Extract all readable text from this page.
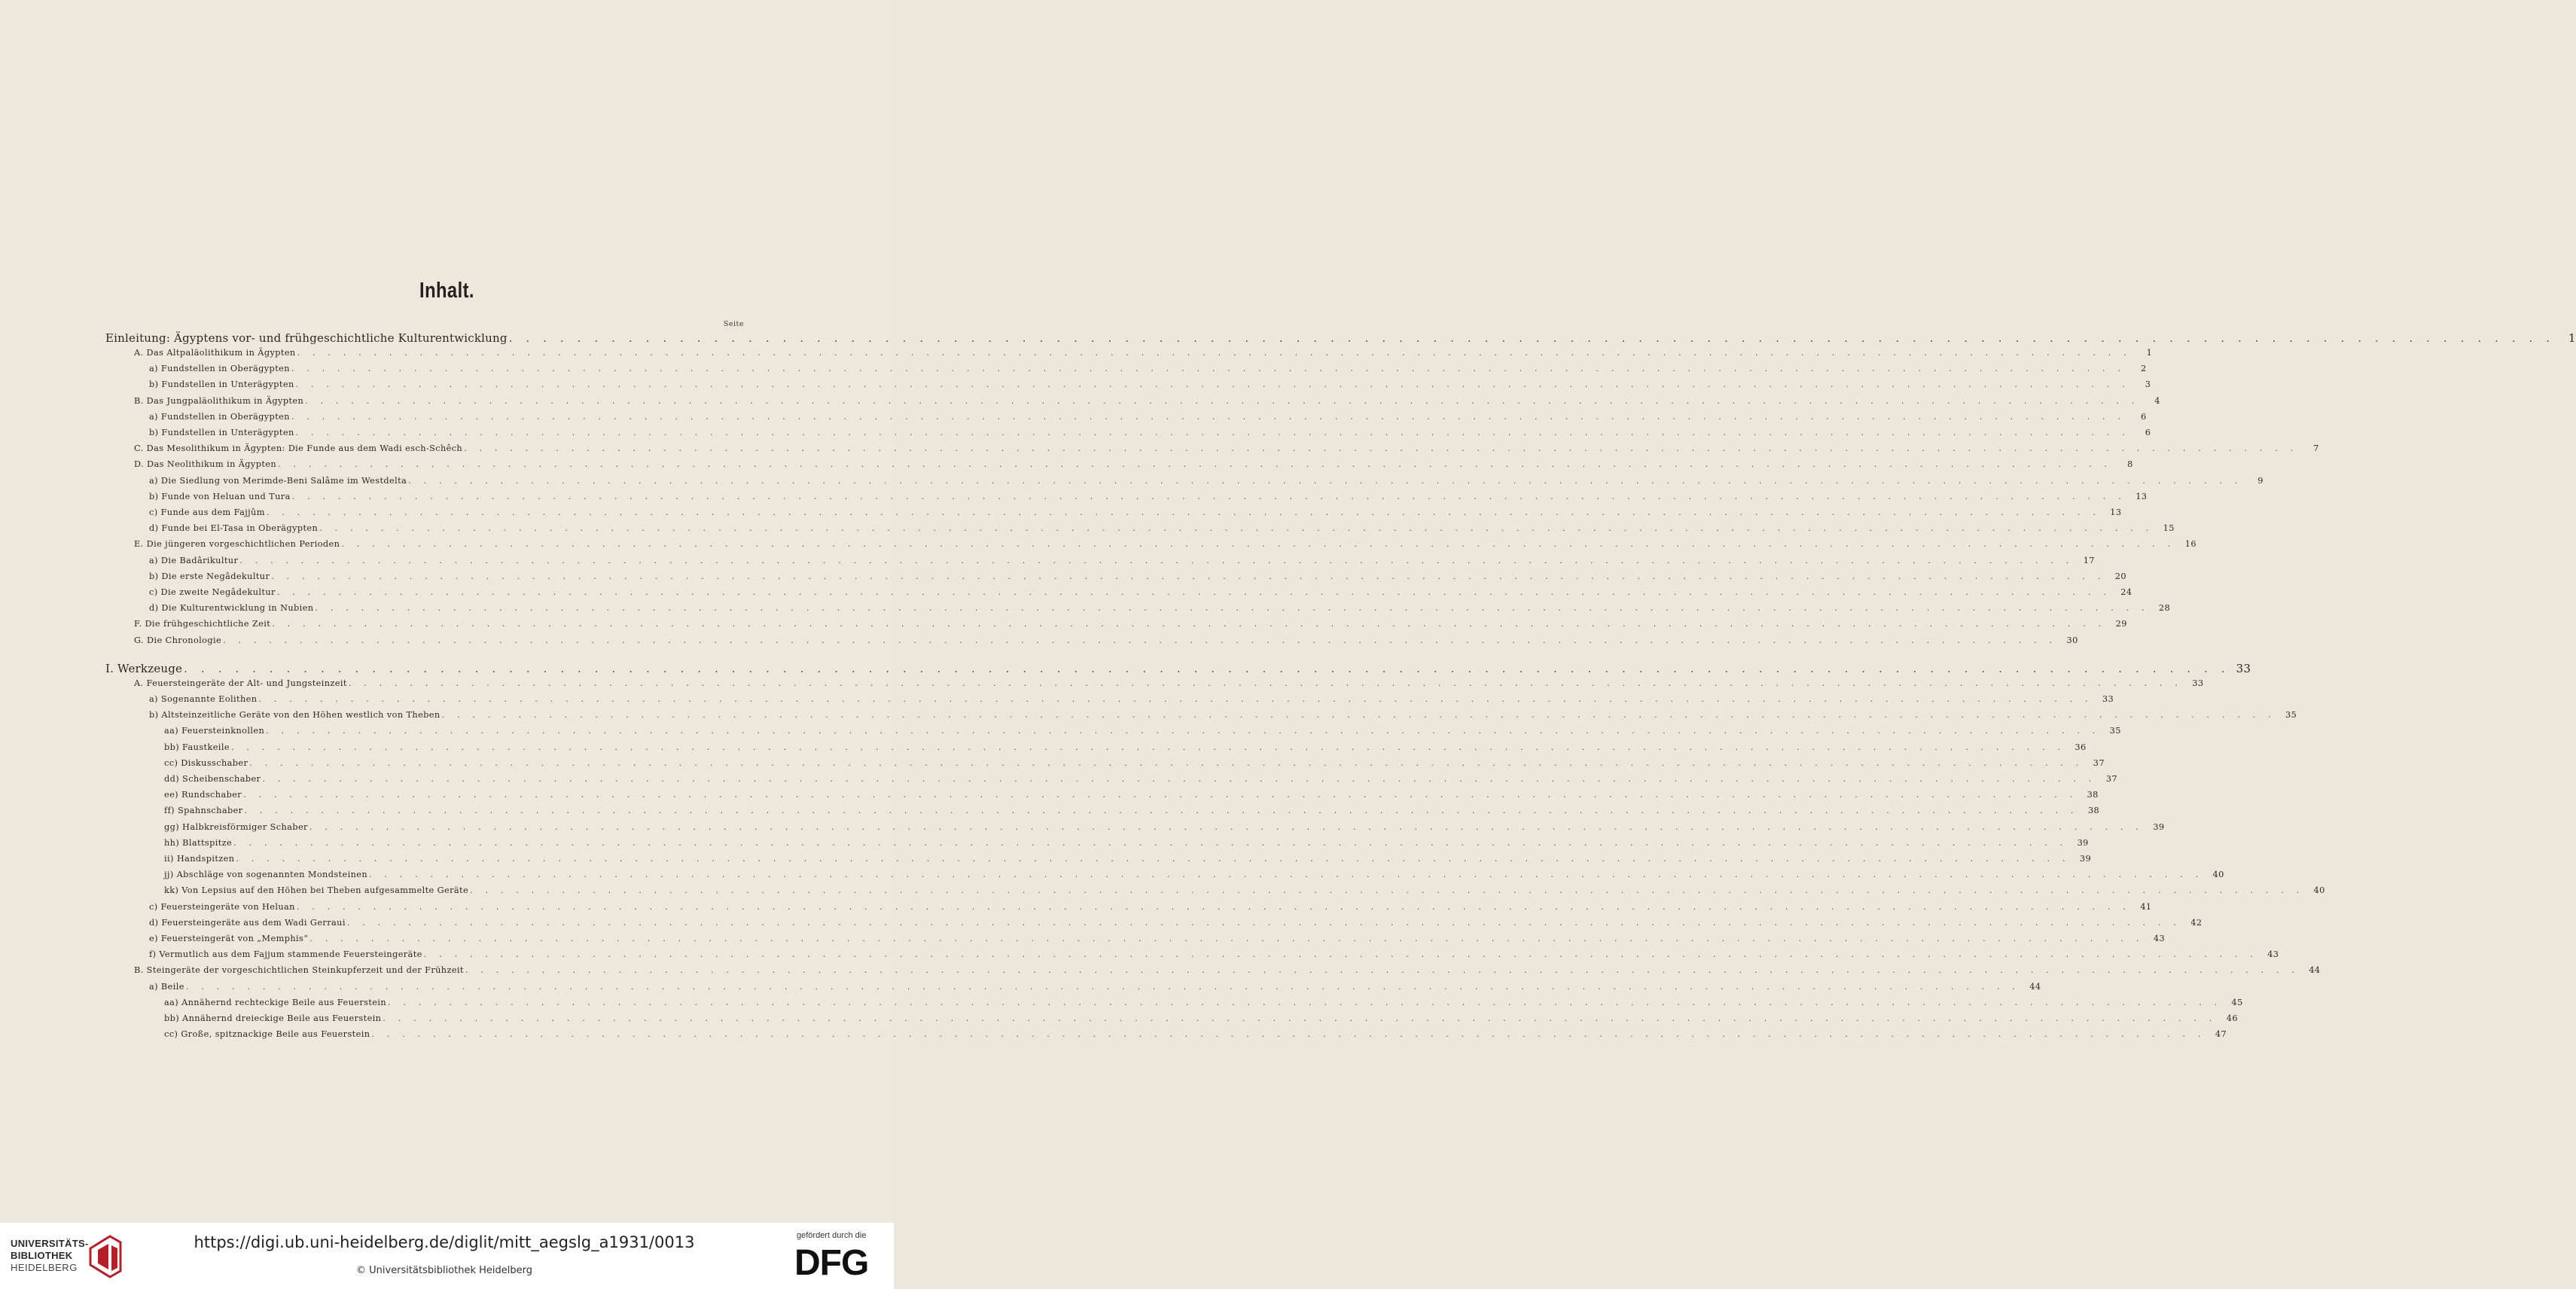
Inhalt.
Seite
Einleitung: Ägyptens vor- und frühgeschichtliche Kulturentwicklung . . . . . . . . . . . . . . . . . . . . . . . . . . . . . . . . . . . . . . . . . . . . . . . . . . . . . . . . . . . . . . . . . . . . . . . . . . . . . . . . . . . . . . . . . . . . . . . . . . . . . . . . . . . . . . . . . . . . . . . .	1
A. Das Altpaläolithikum in Ägypten . . . . . . . . . . . . . . . . . . . . . . . . . . . . . . . . . . . . . . . . . . . . . . . . . . . . . . . . . . . . . . . . . . . . . . . . . . . . . . . . . . . . . . . . . . . . . . . . . . . . . . . . . . . . . . . . . . . . . . . .	1
a) Fundstellen in Oberägypten . . . . . . . . . . . . . . . . . . . . . . . . . . . . . . . . . . . . . . . . . . . . . . . . . . . . . . . . . . . . . . . . . . . . . . . . . . . . . . . . . . . . . . . . . . . . . . . . . . . . . . . . . . . . . . . . . . . . . . . .	2
b) Fundstellen in Unterägypten . . . . . . . . . . . . . . . . . . . . . . . . . . . . . . . . . . . . . . . . . . . . . . . . . . . . . . . . . . . . . . . . . . . . . . . . . . . . . . . . . . . . . . . . . . . . . . . . . . . . . . . . . . . . . . . . . . . . . . . .	3
B. Das Jungpaläolithikum in Ägypten . . . . . . . . . . . . . . . . . . . . . . . . . . . . . . . . . . . . . . . . . . . . . . . . . . . . . . . . . . . . . . . . . . . . . . . . . . . . . . . . . . . . . . . . . . . . . . . . . . . . . . . . . . . . . . . . . . . . . . . .	4
a) Fundstellen in Oberägypten . . . . . . . . . . . . . . . . . . . . . . . . . . . . . . . . . . . . . . . . . . . . . . . . . . . . . . . . . . . . . . . . . . . . . . . . . . . . . . . . . . . . . . . . . . . . . . . . . . . . . . . . . . . . . . . . . . . . . . . .	6
b) Fundstellen in Unterägypten . . . . . . . . . . . . . . . . . . . . . . . . . . . . . . . . . . . . . . . . . . . . . . . . . . . . . . . . . . . . . . . . . . . . . . . . . . . . . . . . . . . . . . . . . . . . . . . . . . . . . . . . . . . . . . . . . . . . . . . .	6
C. Das Mesolithikum in Ägypten: Die Funde aus dem Wadi esch-Schêch . . . . . . . . . . . . . . . . . . . . . . . . . . . . . . . . . . . . . . . . . . . . . . . . . . . . . . . . . . . . . . . . . . . . . . . . . . . . . . . . . . . . . . . . . . . . . . . . . . . . . . . . . . . . . . . . . . . . . . . .	7
D. Das Neolithikum in Ägypten . . . . . . . . . . . . . . . . . . . . . . . . . . . . . . . . . . . . . . . . . . . . . . . . . . . . . . . . . . . . . . . . . . . . . . . . . . . . . . . . . . . . . . . . . . . . . . . . . . . . . . . . . . . . . . . . . . . . . . . .	8
a) Die Siedlung von Merimde-Beni Salâme im Westdelta . . . . . . . . . . . . . . . . . . . . . . . . . . . . . . . . . . . . . . . . . . . . . . . . . . . . . . . . . . . . . . . . . . . . . . . . . . . . . . . . . . . . . . . . . . . . . . . . . . . . . . . . . . . . . . . . . . . . . . . .	9
b) Funde von Heluan und Tura . . . . . . . . . . . . . . . . . . . . . . . . . . . . . . . . . . . . . . . . . . . . . . . . . . . . . . . . . . . . . . . . . . . . . . . . . . . . . . . . . . . . . . . . . . . . . . . . . . . . . . . . . . . . . . . . . . . . . . . .	13
c) Funde aus dem Fajjûm . . . . . . . . . . . . . . . . . . . . . . . . . . . . . . . . . . . . . . . . . . . . . . . . . . . . . . . . . . . . . . . . . . . . . . . . . . . . . . . . . . . . . . . . . . . . . . . . . . . . . . . . . . . . . . . . . . . . . . . .	13
d) Funde bei El-Tasa in Oberägypten . . . . . . . . . . . . . . . . . . . . . . . . . . . . . . . . . . . . . . . . . . . . . . . . . . . . . . . . . . . . . . . . . . . . . . . . . . . . . . . . . . . . . . . . . . . . . . . . . . . . . . . . . . . . . . . . . . . . . . . .	15
E. Die jüngeren vorgeschichtlichen Perioden . . . . . . . . . . . . . . . . . . . . . . . . . . . . . . . . . . . . . . . . . . . . . . . . . . . . . . . . . . . . . . . . . . . . . . . . . . . . . . . . . . . . . . . . . . . . . . . . . . . . . . . . . . . . . . . . . . . . . . . .	16
a) Die Badârikultur . . . . . . . . . . . . . . . . . . . . . . . . . . . . . . . . . . . . . . . . . . . . . . . . . . . . . . . . . . . . . . . . . . . . . . . . . . . . . . . . . . . . . . . . . . . . . . . . . . . . . . . . . . . . . . . . . . . . . . . .	17
b) Die erste Negâdekultur . . . . . . . . . . . . . . . . . . . . . . . . . . . . . . . . . . . . . . . . . . . . . . . . . . . . . . . . . . . . . . . . . . . . . . . . . . . . . . . . . . . . . . . . . . . . . . . . . . . . . . . . . . . . . . . . . . . . . . . .	20
c) Die zweite Negâdekultur . . . . . . . . . . . . . . . . . . . . . . . . . . . . . . . . . . . . . . . . . . . . . . . . . . . . . . . . . . . . . . . . . . . . . . . . . . . . . . . . . . . . . . . . . . . . . . . . . . . . . . . . . . . . . . . . . . . . . . . .	24
d) Die Kulturentwicklung in Nubien . . . . . . . . . . . . . . . . . . . . . . . . . . . . . . . . . . . . . . . . . . . . . . . . . . . . . . . . . . . . . . . . . . . . . . . . . . . . . . . . . . . . . . . . . . . . . . . . . . . . . . . . . . . . . . . . . . . . . . . .	28
F. Die frühgeschichtliche Zeit . . . . . . . . . . . . . . . . . . . . . . . . . . . . . . . . . . . . . . . . . . . . . . . . . . . . . . . . . . . . . . . . . . . . . . . . . . . . . . . . . . . . . . . . . . . . . . . . . . . . . . . . . . . . . . . . . . . . . . . .	29
G. Die Chronologie . . . . . . . . . . . . . . . . . . . . . . . . . . . . . . . . . . . . . . . . . . . . . . . . . . . . . . . . . . . . . . . . . . . . . . . . . . . . . . . . . . . . . . . . . . . . . . . . . . . . . . . . . . . . . . . . . . . . . . . .	30
I. Werkzeuge . . . . . . . . . . . . . . . . . . . . . . . . . . . . . . . . . . . . . . . . . . . . . . . . . . . . . . . . . . . . . . . . . . . . . . . . . . . . . . . . . . . . . . . . . . . . . . . . . . . . . . . . . . . . . . . . . . . . . . . . 33
A. Feuersteingeräte der Alt- und Jungsteinzeit . . . . . . . . . . . . . . . . . . . . . . . . . . . . . . . . . . . . . . . . . . . . . . . . . . . . . . . . . . . . . . . . . . . . . . . . . . . . . . . . . . . . . . . . . . . . . . . . . . . . . . . . . . . . . . . . . . . . . . . .	33
a) Sogenannte Eolithen . . . . . . . . . . . . . . . . . . . . . . . . . . . . . . . . . . . . . . . . . . . . . . . . . . . . . . . . . . . . . . . . . . . . . . . . . . . . . . . . . . . . . . . . . . . . . . . . . . . . . . . . . . . . . . . . . . . . . . . .	33
b) Altsteinzeitliche Geräte von den Höhen westlich von Theben . . . . . . . . . . . . . . . . . . . . . . . . . . . . . . . . . . . . . . . . . . . . . . . . . . . . . . . . . . . . . . . . . . . . . . . . . . . . . . . . . . . . . . . . . . . . . . . . . . . . . . . . . . . . . . . . . . . . . . . .	35
aa) Feuersteinknollen . . . . . . . . . . . . . . . . . . . . . . . . . . . . . . . . . . . . . . . . . . . . . . . . . . . . . . . . . . . . . . . . . . . . . . . . . . . . . . . . . . . . . . . . . . . . . . . . . . . . . . . . . . . . . . . . . . . . . . . .	35
bb) Faustkeile . . . . . . . . . . . . . . . . . . . . . . . . . . . . . . . . . . . . . . . . . . . . . . . . . . . . . . . . . . . . . . . . . . . . . . . . . . . . . . . . . . . . . . . . . . . . . . . . . . . . . . . . . . . . . . . . . . . . . . . .	36
cc) Diskusschaber . . . . . . . . . . . . . . . . . . . . . . . . . . . . . . . . . . . . . . . . . . . . . . . . . . . . . . . . . . . . . . . . . . . . . . . . . . . . . . . . . . . . . . . . . . . . . . . . . . . . . . . . . . . . . . . . . . . . . . . .	37
dd) Scheibenschaber . . . . . . . . . . . . . . . . . . . . . . . . . . . . . . . . . . . . . . . . . . . . . . . . . . . . . . . . . . . . . . . . . . . . . . . . . . . . . . . . . . . . . . . . . . . . . . . . . . . . . . . . . . . . . . . . . . . . . . . .	37
ee) Rundschaber . . . . . . . . . . . . . . . . . . . . . . . . . . . . . . . . . . . . . . . . . . . . . . . . . . . . . . . . . . . . . . . . . . . . . . . . . . . . . . . . . . . . . . . . . . . . . . . . . . . . . . . . . . . . . . . . . . . . . . . .	38
ff) Spahnschaber . . . . . . . . . . . . . . . . . . . . . . . . . . . . . . . . . . . . . . . . . . . . . . . . . . . . . . . . . . . . . . . . . . . . . . . . . . . . . . . . . . . . . . . . . . . . . . . . . . . . . . . . . . . . . . . . . . . . . . . .	38
gg) Halbkreisförmiger Schaber . . . . . . . . . . . . . . . . . . . . . . . . . . . . . . . . . . . . . . . . . . . . . . . . . . . . . . . . . . . . . . . . . . . . . . . . . . . . . . . . . . . . . . . . . . . . . . . . . . . . . . . . . . . . . . . . . . . . . . . .	39
hh) Blattspitze . . . . . . . . . . . . . . . . . . . . . . . . . . . . . . . . . . . . . . . . . . . . . . . . . . . . . . . . . . . . . . . . . . . . . . . . . . . . . . . . . . . . . . . . . . . . . . . . . . . . . . . . . . . . . . . . . . . . . . . .	39
ii) Handspitzen . . . . . . . . . . . . . . . . . . . . . . . . . . . . . . . . . . . . . . . . . . . . . . . . . . . . . . . . . . . . . . . . . . . . . . . . . . . . . . . . . . . . . . . . . . . . . . . . . . . . . . . . . . . . . . . . . . . . . . . .	39
jj) Abschläge von sogenannten Mondsteinen . . . . . . . . . . . . . . . . . . . . . . . . . . . . . . . . . . . . . . . . . . . . . . . . . . . . . . . . . . . . . . . . . . . . . . . . . . . . . . . . . . . . . . . . . . . . . . . . . . . . . . . . . . . . . . . . . . . . . . . .	40
kk) Von Lepsius auf den Höhen bei Theben aufgesammelte Geräte . . . . . . . . . . . . . . . . . . . . . . . . . . . . . . . . . . . . . . . . . . . . . . . . . . . . . . . . . . . . . . . . . . . . . . . . . . . . . . . . . . . . . . . . . . . . . . . . . . . . . . . . . . . . . . . . . . . . . . . .	40
c) Feuersteingeräte von Heluan . . . . . . . . . . . . . . . . . . . . . . . . . . . . . . . . . . . . . . . . . . . . . . . . . . . . . . . . . . . . . . . . . . . . . . . . . . . . . . . . . . . . . . . . . . . . . . . . . . . . . . . . . . . . . . . . . . . . . . . .	41
d) Feuersteingeräte aus dem Wadi Gerraui . . . . . . . . . . . . . . . . . . . . . . . . . . . . . . . . . . . . . . . . . . . . . . . . . . . . . . . . . . . . . . . . . . . . . . . . . . . . . . . . . . . . . . . . . . . . . . . . . . . . . . . . . . . . . . . . . . . . . . . .	42
e) Feuersteingerät von „Memphis“ . . . . . . . . . . . . . . . . . . . . . . . . . . . . . . . . . . . . . . . . . . . . . . . . . . . . . . . . . . . . . . . . . . . . . . . . . . . . . . . . . . . . . . . . . . . . . . . . . . . . . . . . . . . . . . . . . . . . . . . .	43
f) Vermutlich aus dem Fajjum stammende Feuersteingeräte . . . . . . . . . . . . . . . . . . . . . . . . . . . . . . . . . . . . . . . . . . . . . . . . . . . . . . . . . . . . . . . . . . . . . . . . . . . . . . . . . . . . . . . . . . . . . . . . . . . . . . . . . . . . . . . . . . . . . . . .	43
B. Steingeräte der vorgeschichtlichen Steinkupferzeit und der Frühzeit . . . . . . . . . . . . . . . . . . . . . . . . . . . . . . . . . . . . . . . . . . . . . . . . . . . . . . . . . . . . . . . . . . . . . . . . . . . . . . . . . . . . . . . . . . . . . . . . . . . . . . . . . . . . . . . . . . . . . . . .	44
a) Beile . . . . . . . . . . . . . . . . . . . . . . . . . . . . . . . . . . . . . . . . . . . . . . . . . . . . . . . . . . . . . . . . . . . . . . . . . . . . . . . . . . . . . . . . . . . . . . . . . . . . . . . . . . . . . . . . . . . . . . . .	44
aa) Annähernd rechteckige Beile aus Feuerstein . . . . . . . . . . . . . . . . . . . . . . . . . . . . . . . . . . . . . . . . . . . . . . . . . . . . . . . . . . . . . . . . . . . . . . . . . . . . . . . . . . . . . . . . . . . . . . . . . . . . . . . . . . . . . . . . . . . . . . . .	45
bb) Annähernd dreieckige Beile aus Feuerstein . . . . . . . . . . . . . . . . . . . . . . . . . . . . . . . . . . . . . . . . . . . . . . . . . . . . . . . . . . . . . . . . . . . . . . . . . . . . . . . . . . . . . . . . . . . . . . . . . . . . . . . . . . . . . . . . . . . . . . . .	46
cc) Große, spitznackige Beile aus Feuerstein . . . . . . . . . . . . . . . . . . . . . . . . . . . . . . . . . . . . . . . . . . . . . . . . . . . . . . . . . . . . . . . . . . . . . . . . . . . . . . . . . . . . . . . . . . . . . . . . . . . . . . . . . . . . . . . . . . . . . . . .	47
UNIVERSITÄTS-
BIBLIOTHEK
HEIDELBERG
https://digi.ub.uni-heidelberg.de/diglit/mitt_aegslg_a1931/0013
© Universitätsbibliothek Heidelberg
gefördert durch die
DFG
